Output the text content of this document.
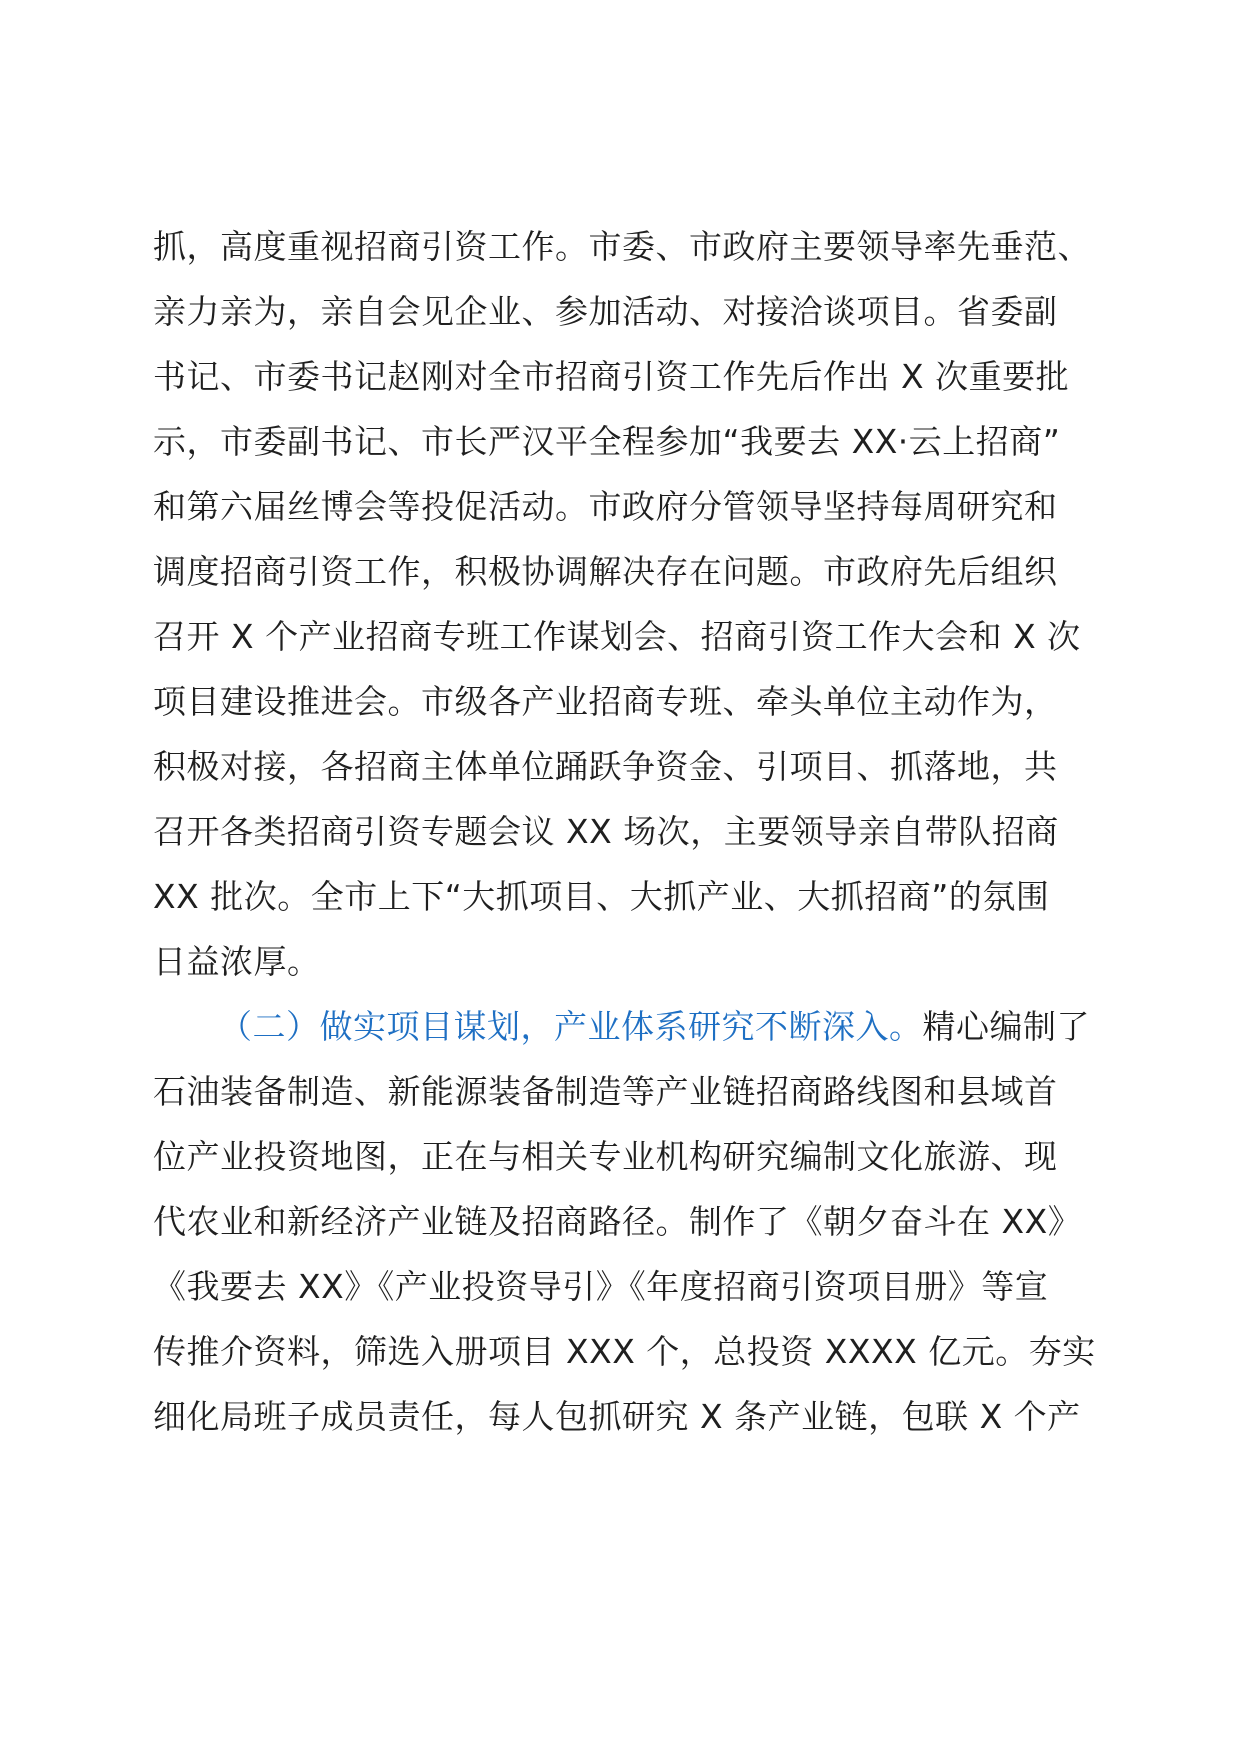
抓，高度重视招商引资工作。市委、市政府主要领导率先垂范、
亲力亲为，亲自会见企业、参加活动、对接洽谈项目。省委副
书记、市委书记赵刚对全市招商引资工作先后作出 X 次重要批
示，市委副书记、市长严汉平全程参加“我要去 XX·云上招商”
和第六届丝博会等投促活动。市政府分管领导坚持每周研究和
调度招商引资工作，积极协调解决存在问题。市政府先后组织
召开 X 个产业招商专班工作谋划会、招商引资工作大会和 X 次
项目建设推进会。市级各产业招商专班、牵头单位主动作为，
积极对接，各招商主体单位踊跃争资金、引项目、抓落地，共
召开各类招商引资专题会议 XX 场次，主要领导亲自带队招商
XX 批次。全市上下“大抓项目、大抓产业、大抓招商”的氛围
日益浓厚。
（二）做实项目谋划，产业体系研究不断深入。精心编制了
石油装备制造、新能源装备制造等产业链招商路线图和县域首
位产业投资地图，正在与相关专业机构研究编制文化旅游、现
代农业和新经济产业链及招商路径。制作了《朝夕奋斗在 XX》
《我要去 XX》《产业投资导引》《年度招商引资项目册》等宣
传推介资料，筛选入册项目 XXX 个，总投资 XXXX 亿元。夯实
细化局班子成员责任，每人包抓研究 X 条产业链，包联 X 个产
